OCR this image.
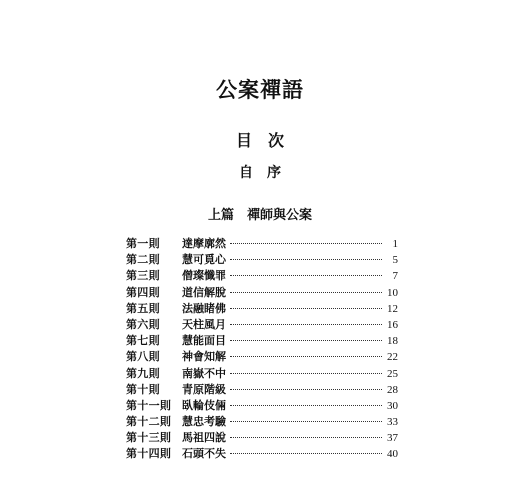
公案禪語
目　次
自　序
上篇　禪師與公案
第一則	達摩廓然	1
第二則	慧可覓心	5
第三則	僧璨懺罪	7
第四則	道信解脫	10
第五則	法融睹佛	12
第六則	天柱風月	16
第七則	慧能面目	18
第八則	神會知解	22
第九則	南嶽不中	25
第十則	青原階級	28
第十一則 臥輪伎倆	30
第十二則 慧忠考驗	33
第十三則 馬祖四說	37
第十四則 石頭不失	40
